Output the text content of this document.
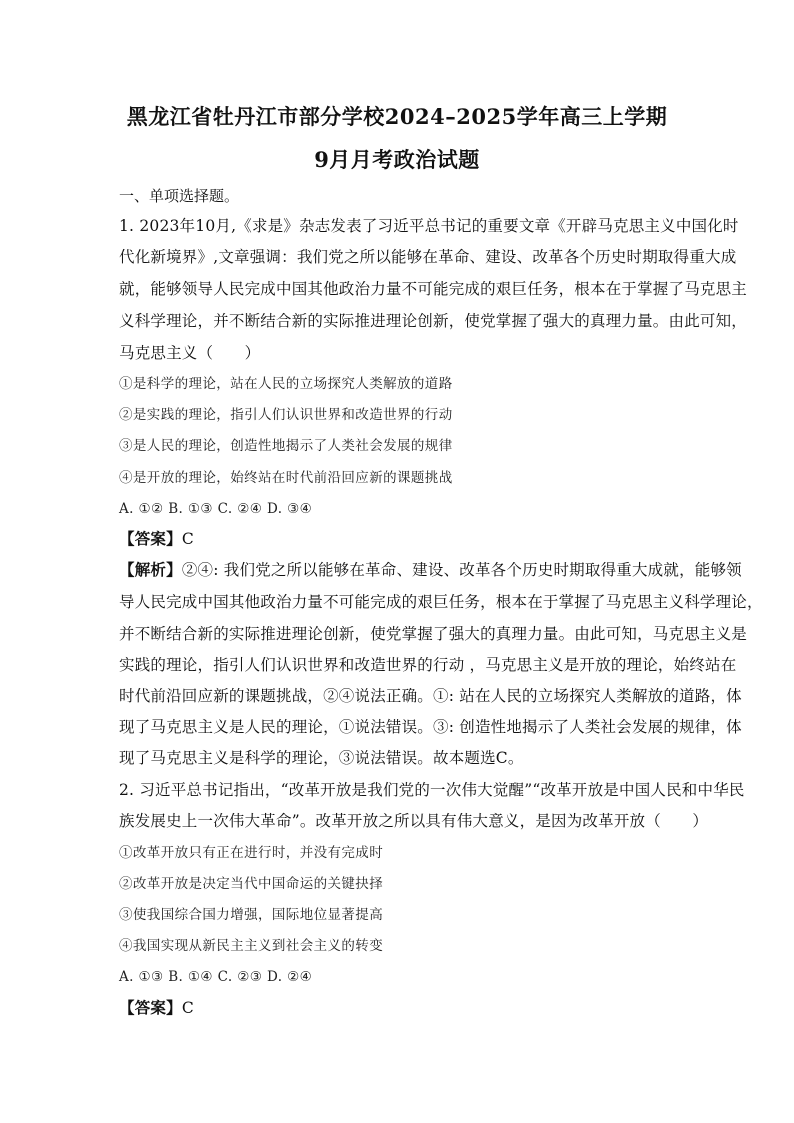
黑龙江省牡丹江市部分学校2024–2025学年高三上学期
9月月考政治试题
一、单项选择题。
1. 2023年10月,《求是》杂志发表了习近平总书记的重要文章《开辟马克思主义中国化时
代化新境界》,文章强调：我们党之所以能够在革命、建设、改革各个历史时期取得重大成
就，能够领导人民完成中国其他政治力量不可能完成的艰巨任务，根本在于掌握了马克思主
义科学理论，并不断结合新的实际推进理论创新，使党掌握了强大的真理力量。由此可知，
马克思主义（　　）
①是科学的理论，站在人民的立场探究人类解放的道路
②是实践的理论，指引人们认识世界和改造世界的行动
③是人民的理论，创造性地揭示了人类社会发展的规律
④是开放的理论，始终站在时代前沿回应新的课题挑战
A. ①② B. ①③ C. ②④ D. ③④
【答案】C
【解析】②④: 我们党之所以能够在革命、建设、改革各个历史时期取得重大成就，能够领
导人民完成中国其他政治力量不可能完成的艰巨任务，根本在于掌握了马克思主义科学理论，
并不断结合新的实际推进理论创新，使党掌握了强大的真理力量。由此可知，马克思主义是
实践的理论，指引人们认识世界和改造世界的行动 ，马克思主义是开放的理论，始终站在
时代前沿回应新的课题挑战，②④说法正确。①: 站在人民的立场探究人类解放的道路，体
现了马克思主义是人民的理论，①说法错误。③: 创造性地揭示了人类社会发展的规律，体
现了马克思主义是科学的理论，③说法错误。故本题选C。
2. 习近平总书记指出，“改革开放是我们党的一次伟大觉醒”“改革开放是中国人民和中华民
族发展史上一次伟大革命”。改革开放之所以具有伟大意义，是因为改革开放（　　）
①改革开放只有正在进行时，并没有完成时
②改革开放是决定当代中国命运的关键抉择
③使我国综合国力增强，国际地位显著提高
④我国实现从新民主主义到社会主义的转变
A. ①③ B. ①④ C. ②③ D. ②④
【答案】C
